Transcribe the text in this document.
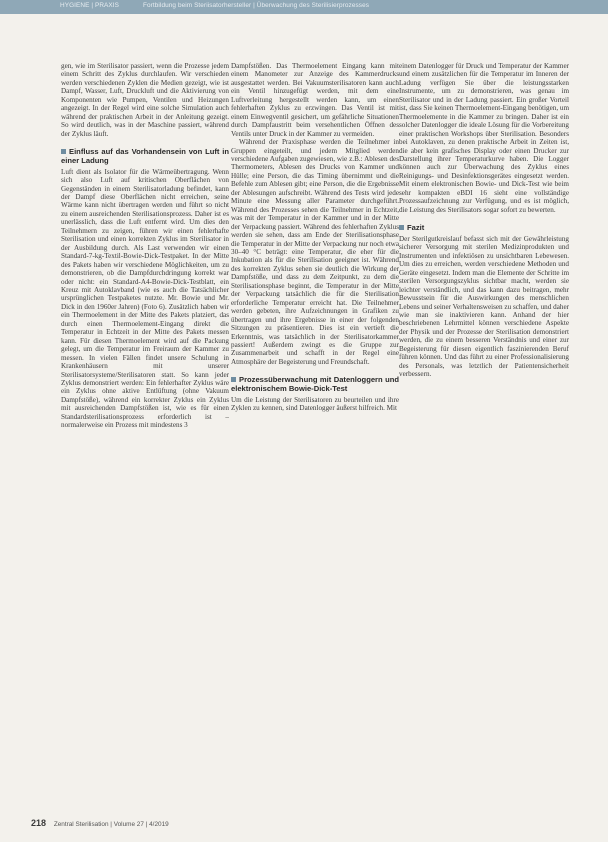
HYGIENE | PRAXIS	Fortbildung beim Steriisatorhersteller | Überwachung des Sterilisierprozesses

gen, wie im Sterilisator passiert, wenn die Prozesse jedem einem Schritt des Zyklus durchlaufen. Wir verschieden werden verschiedenen Zyklen die Medien gezeigt, wie ist Dampf, Wasser, Luft, Druckluft und die Aktivierung von Komponenten wie Pumpen, Ventilen und Heizungen angezeigt. In der Regel wird eine solche Simulation auch während der praktischen Arbeit in der Anleitung gezeigt. So wird deutlich, was in der Maschine passiert, während der Zyklus läuft.

Einfluss auf das Vorhandensein von Luft in einer Ladung

Luft dient als Isolator für die Wärmeübertragung. Wenn sich also Luft auf kritischen Oberflächen von Gegenständen in einem Sterilisatorladung befindet, kann der Dampf diese Oberflächen nicht erreichen, seine Wärme kann nicht übertragen werden und führt so nicht zu einem ausreichenden Sterilisationsprozess. Daher ist es unerlässlich, dass die Luft entfernt wird. Um dies den Teilnehmern zu zeigen, führen wir einen fehlerhafte Sterilisation und einen korrekten Zyklus im Sterilisator in der Ausbildung durch. Als Last verwenden wir einen Standard-7-kg-Textil-Bowie-Dick-Testpaket. In der Mitte des Pakets haben wir verschiedene Möglichkeiten, um zu demonstrieren, ob die Dampfdurchdringung korrekt war oder nicht: ein Standard-A4-Bowie-Dick-Testblatt, ein Kreuz mit Autoklavband (wie es auch die Tatsächlicher ursprünglichen Testpaketes nutzte. Mr. Bowie und Mr. Dick in den 1960er Jahren) (Foto 6). Zusätzlich haben wir ein Thermoelement in der Mitte des Pakets platziert, das durch einen Thermoelement-Eingang direkt die Temperatur in Echtzeit in der Mitte des Pakets messen kann. Für diesen Thermoelement wird auf die Packung gelegt, um die Temperatur im Freiraum der Kammer zu messen. In vielen Fällen findet unsere Schulung in Krankenhäusern mit unserer Sterilisatorsysteme/Sterilisatoren statt. So kann jeder Zyklus demonstriert werden: Ein fehlerhafter Zyklus wäre ein Zyklus ohne aktive Entlüftung (ohne Vakuum Dampfstöße), während ein korrekter Zyklus ein Zyklus mit ausreichenden Dampfstößen ist, wie es für einen Standardsterilisationsprozess erforderlich ist – normalerweise ein Prozess mit mindestens 3

Dampfstößen. Das Thermoelement Eingang kann mit einem Manometer zur Anzeige des Kammerdrucks ausgestattet werden. Bei Vakuumsterilisatoren kann auch ein Ventil hinzugefügt werden, mit dem eine Luftverleitung hergestellt werden kann, um einen fehlerhaften Zyklus zu erzwingen. Das Ventil ist mit einem Einwegventil gesichert, um gefährliche Situationen durch Dampfaustritt beim versehentlichen Öffnen des Ventils unter Druck in der Kammer zu vermeiden.

Während der Praxisphase werden die Teilnehmer in Gruppen eingeteilt, und jedem Mitglied werden verschiedene Aufgaben zugewiesen, wie z.B.: Ablesen des Thermometers, Ablesen des Drucks von Kammer und Hülle; eine Person, die das Timing übernimmt und die Befehle zum Ablesen gibt; eine Person, die die Ergebnisse der Ablesungen aufschreibt. Während des Tests wird jede Minute eine Messung aller Parameter durchgeführt. Während des Prozesses sehen die Teilnehmer in Echtzeit, was mit der Temperatur in der Kammer und in der Mitte der Verpackung passiert. Während des fehlerhaften Zyklus werden sie sehen, dass am Ende der Sterilisationsphase die Temperatur in der Mitte der Verpackung nur noch etwa 30–40 °C beträgt: eine Temperatur, die eher für die Inkubation als für die Sterilisation geeignet ist. Während des korrekten Zyklus sehen sie deutlich die Wirkung der Dampfstöße, und dass zu dem Zeitpunkt, zu dem die Sterilisationsphase beginnt, die Temperatur in der Mitte der Verpackung tatsächlich die für die Sterilisation erforderliche Temperatur erreicht hat. Die Teilnehmer werden gebeten, ihre Aufzeichnungen in Grafiken zu übertragen und ihre Ergebnisse in einer der folgenden Sitzungen zu präsentieren. Dies ist ein vertieft die Erkenntnis, was tatsächlich in der Sterilisatorkammer passiert! Außerdem zwingt es die Gruppe zur Zusammenarbeit und schafft in der Regel eine Atmosphäre der Begeisterung und Freundschaft.

Prozessüberwachung mit Datenloggern und elektronischem Bowie-Dick-Test

Um die Leistung der Sterilisatoren zu beurteilen und ihre Zyklen zu kennen, sind Datenlogger äußerst hilfreich. Mit

einem Datenlogger für Druck und Temperatur der Kammer und einem zusätzlichen für die Temperatur im Inneren der Ladung verfügen Sie über die leistungsstarken Instrumente, um zu demonstrieren, was genau im Sterilisator und in der Ladung passiert. Ein großer Vorteil ist, dass Sie keinen Thermoelement-Eingang benötigen, um Thermoelemente in die Kammer zu bringen. Daher ist ein solcher Datenlogger die ideale Lösung für die Vorbereitung einer praktischen Workshops über Sterilisation. Besonders bei Autoklaven, zu denen praktische Arbeit in Zeiten ist, die aber kein grafisches Display oder einen Drucker zur Darstellung ihrer Temperaturkurve haben. Die Logger können auch zur Überwachung des Zyklus eines Reinigungs- und Desinfektionsgerätes eingesetzt werden. Mit einem elektronischen Bowie- und Dick-Test wie beim sehr kompakten eBDI 16 sieht eine vollständige Prozessaufzeichnung zur Verfügung, und es ist möglich, die Leistung des Sterilisators sogar sofort zu bewerten.

Fazit

Der Sterilgutkreislauf befasst sich mit der Gewährleistung sicherer Versorgung mit sterilen Medizinprodukten und Instrumenten und infektiösen zu unsichtbaren Lebewesen. Um dies zu erreichen, werden verschiedene Methoden und Geräte eingesetzt. Indem man die Elemente der Schritte im sterilen Versorgungszyklus sichtbar macht, werden sie leichter verständlich, und das kann dazu beitragen, mehr Bewusstsein für die Auswirkungen des menschlichen Lebens und seiner Verhaltensweisen zu schaffen, und daher wie man sie inaktivieren kann. Anhand der hier beschriebenen Lehrmittel können verschiedene Aspekte der Physik und der Prozesse der Sterilisation demonstriert werden, die zu einem besseren Verständnis und einer zur Begeisterung für diesen eigentlich faszinierenden Beruf führen können. Und das führt zu einer Professionalisierung des Personals, was letztlich der Patientensicherheit verbessern.

218 Zentral Sterilisation | Volume 27 | 4/2019
